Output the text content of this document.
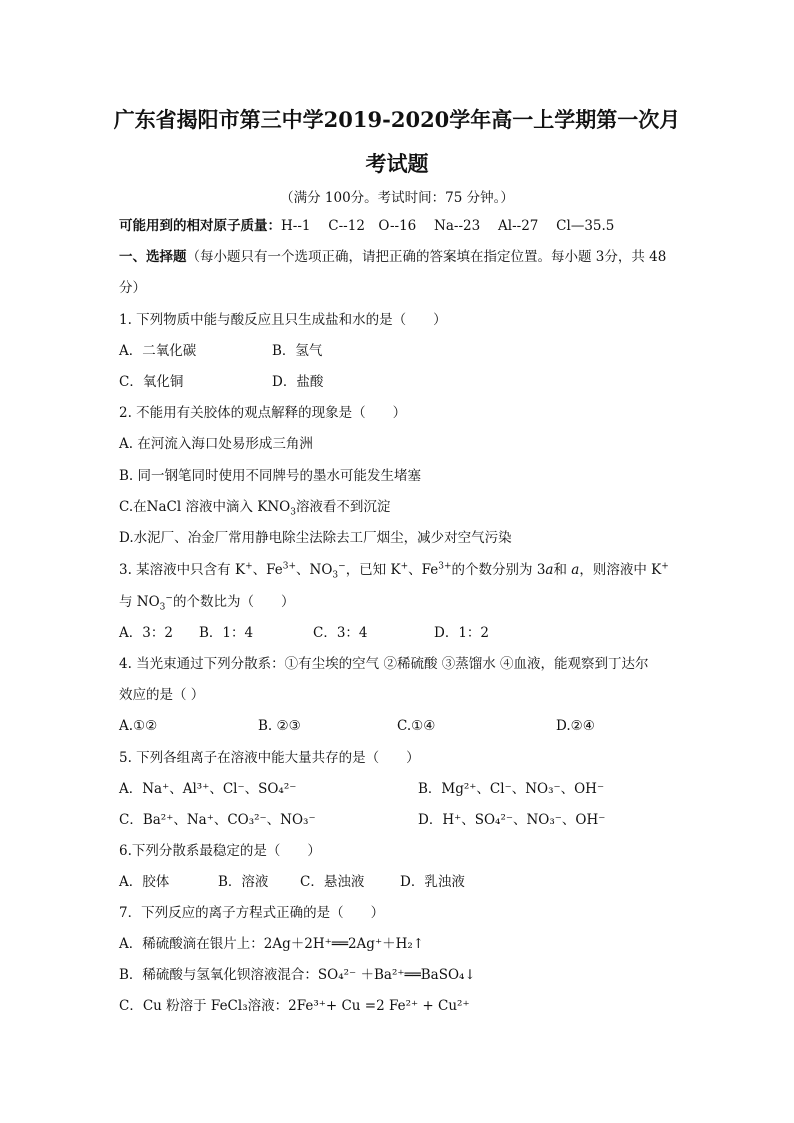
广东省揭阳市第三中学2019-2020学年高一上学期第一次月
考试题
（满分 100分。考试时间：75 分钟。）
可能用到的相对原子质量：H--1　 C--12　O--16　 Na--23　 Al--27　 Cl—35.5
一、选择题（每小题只有一个选项正确，请把正确的答案填在指定位置。每小题 3分，共 48
分）
1. 下列物质中能与酸反应且只生成盐和水的是（　　）
A．二氧化碳	B．氢气
C．氧化铜	D．盐酸
2. 不能用有关胶体的观点解释的现象是（　　）
A. 在河流入海口处易形成三角洲
B. 同一钢笔同时使用不同牌号的墨水可能发生堵塞
C.在NaCl 溶液中滴入 $KNO_3$溶液看不到沉淀
D.水泥厂、冶金厂常用静电除尘法除去工厂烟尘，减少对空气污染
3. 某溶液中只含有 K+、$Fe^{3+}$、$NO_3^-$，已知 K+、$Fe^{3+}$的个数分别为 3a和 a，则溶液中 K+
与 $NO_3^-$的个数比为（　　）
A．3：2 B．1：4	C．3：4	D．1：2
4. 当光束通过下列分散系：①有尘埃的空气 ②稀硫酸 ③蒸馏水 ④血液，能观察到丁达尔
效应的是（ ）
A.①②	B. ②③	C.①④	D.②④
5. 下列各组离子在溶液中能大量共存的是（　　）
A．Na⁺、Al³⁺、Cl⁻、SO₄²⁻	B．Mg²⁺、Cl⁻、NO₃⁻、OH⁻
C．Ba²⁺、Na⁺、CO₃²⁻、NO₃⁻	D．H⁺、SO₄²⁻、NO₃⁻、OH⁻
6.下列分散系最稳定的是（　　）
A．胶体	B．溶液 C．悬浊液	D．乳浊液
7．下列反应的离子方程式正确的是（　　）
A．稀硫酸滴在银片上：2Ag＋2H⁺══2Ag⁺＋H₂↑
B．稀硫酸与氢氧化钡溶液混合：SO₄²⁻ ＋Ba²⁺══BaSO₄↓
C．Cu 粉溶于 FeCl₃溶液：2Fe³⁺+ Cu =2 Fe²⁺ + Cu²⁺
